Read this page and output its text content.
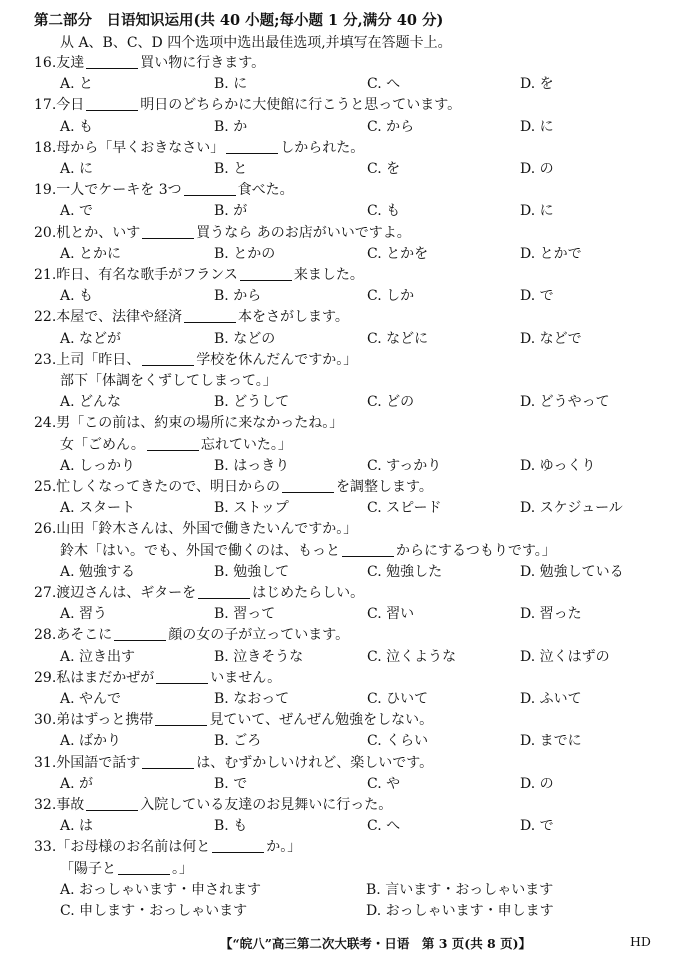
第二部分　日语知识运用(共 40 小题;每小题 1 分,满分 40 分)
从 A、B、C、D 四个选项中选出最佳选项,并填写在答题卡上。
16.友達	買い物に行きます。
A. と	B. に	C. へ	D. を
17.今日	明日のどちらかに大使館に行こうと思っています。
A. も	B. か	C. から	D. に
18.母から「早くおきなさい」	しかられた。
A. に	B. と	C. を	D. の
19.一人でケーキを 3つ	食べた。
A. で	B. が	C. も	D. に
20.机とか、いす	買うなら あのお店がいいですよ。
A. とかに	B. とかの	C. とかを	D. とかで
21.昨日、有名な歌手がフランス	来ました。
A. も	B. から	C. しか	D. で
22.本屋で、法律や経済	本をさがします。
A. などが	B. などの	C. などに	D. などで
23.上司「昨日、	学校を休んだんですか。」
部下「体調をくずしてしまって。」
A. どんな	B. どうして	C. どの	D. どうやって
24.男「この前は、約束の場所に来なかったね。」
女「ごめん。	忘れていた。」
A. しっかり	B. はっきり	C. すっかり	D. ゆっくり
25.忙しくなってきたので、明日からの	を調整します。
A. スタート	B. ストップ	C. スピード	D. スケジュール
26.山田「鈴木さんは、外国で働きたいんですか。」
鈴木「はい。でも、外国で働くのは、もっと	からにするつもりです。」
A. 勉強する	B. 勉強して	C. 勉強した	D. 勉強している
27.渡辺さんは、ギターを	はじめたらしい。
A. 習う	B. 習って	C. 習い	D. 習った
28.あそこに	顔の女の子が立っています。
A. 泣き出す	B. 泣きそうな	C. 泣くような	D. 泣くはずの
29.私はまだかぜが	いません。
A. やんで	B. なおって	C. ひいて	D. ふいて
30.弟はずっと携帯	見ていて、ぜんぜん勉強をしない。
A. ばかり	B. ごろ	C. くらい	D. までに
31.外国語で話す	は、むずかしいけれど、楽しいです。
A. が	B. で	C. や	D. の
32.事故	入院している友達のお見舞いに行った。
A. は	B. も	C. へ	D. で
33.「お母様のお名前は何と	か。」
「陽子と	。」
A. おっしゃいます・申されます	B. 言います・おっしゃいます
C. 申します・おっしゃいます	D. おっしゃいます・申します
【“皖八”高三第二次大联考・日语　第 3 页(共 8 页)】	HD
